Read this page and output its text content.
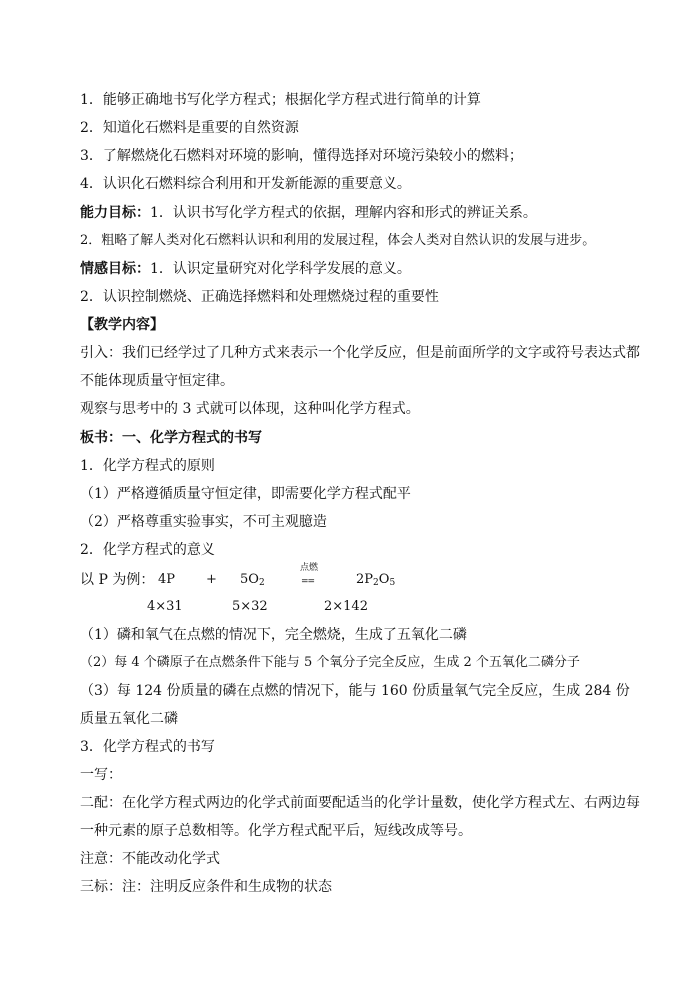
1．能够正确地书写化学方程式；根据化学方程式进行简单的计算
2．知道化石燃料是重要的自然资源
3．了解燃烧化石燃料对环境的影响，懂得选择对环境污染较小的燃料；
4．认识化石燃料综合利用和开发新能源的重要意义。
能力目标：1．认识书写化学方程式的依据，理解内容和形式的辨证关系。
2．粗略了解人类对化石燃料认识和利用的发展过程，体会人类对自然认识的发展与进步。
情感目标：1．认识定量研究对化学科学发展的意义。
2．认识控制燃烧、正确选择燃料和处理燃烧过程的重要性
【教学内容】
引入：我们已经学过了几种方式来表示一个化学反应，但是前面所学的文字或符号表达式都不能体现质量守恒定律。
观察与思考中的 3 式就可以体现，这种叫化学方程式。
板书：一、化学方程式的书写
1．化学方程式的原则
（1）严格遵循质量守恒定律，即需要化学方程式配平
（2）严格尊重实验事实，不可主观臆造
2．化学方程式的意义
以 P 为例： $4P + 5O_2$
点燃
==	$2P_2O_5$
4×31	5×32	2×142
（1）磷和氧气在点燃的情况下，完全燃烧，生成了五氧化二磷
（2）每 4 个磷原子在点燃条件下能与 5 个氧分子完全反应，生成 2 个五氧化二磷分子
（3）每 124 份质量的磷在点燃的情况下，能与 160 份质量氧气完全反应，生成 284 份质量五氧化二磷
3．化学方程式的书写
一写：
二配：在化学方程式两边的化学式前面要配适当的化学计量数，使化学方程式左、右两边每一种元素的原子总数相等。化学方程式配平后，短线改成等号。
注意：不能改动化学式
三标：注：注明反应条件和生成物的状态
